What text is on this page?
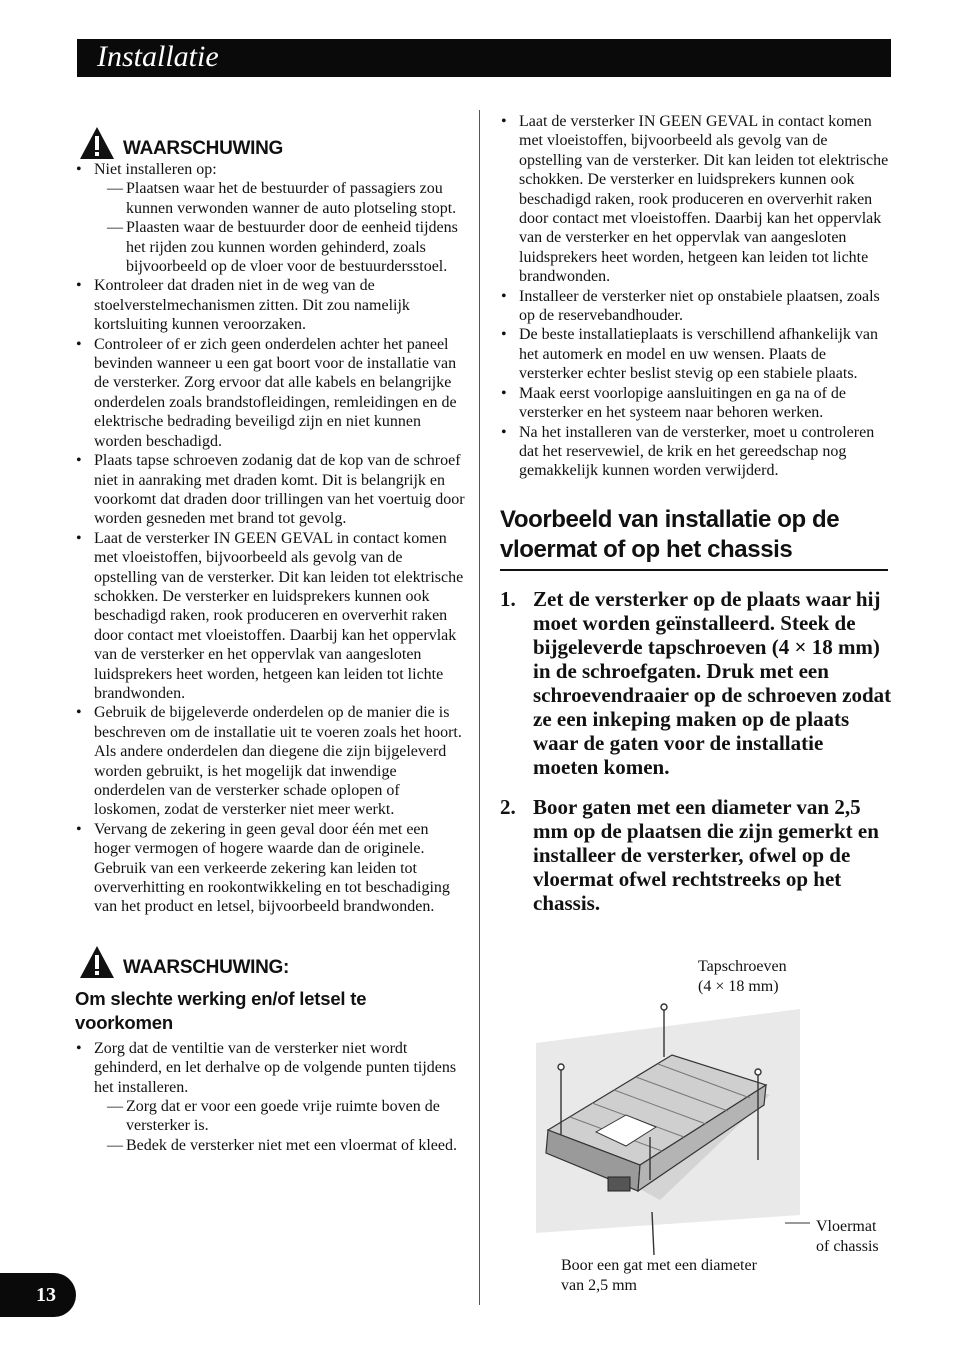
Installatie
WAARSCHUWING
• Niet installeren op:
— Plaatsen waar het de bestuurder of passagiers zou kunnen verwonden wanner de auto plotseling stopt.
— Plaasten waar de bestuurder door de eenheid tijdens het rijden zou kunnen worden gehinderd, zoals bijvoorbeeld op de vloer voor de bestuurdersstoel.
• Kontroleer dat draden niet in de weg van de stoelverstelmechanismen zitten. Dit zou namelijk kortsluiting kunnen veroorzaken.
• Controleer of er zich geen onderdelen achter het paneel bevinden wanneer u een gat boort voor de installatie van de versterker. Zorg ervoor dat alle kabels en belangrijke onderdelen zoals brandstofleidingen, remleidingen en de elektrische bedrading beveiligd zijn en niet kunnen worden beschadigd.
• Plaats tapse schroeven zodanig dat de kop van de schroef niet in aanraking met draden komt. Dit is belangrijk en voorkomt dat draden door trillingen van het voertuig door worden gesneden met brand tot gevolg.
• Laat de versterker IN GEEN GEVAL in contact komen met vloeistoffen, bijvoorbeeld als gevolg van de opstelling van de versterker. Dit kan leiden tot elektrische schokken. De versterker en luidsprekers kunnen ook beschadigd raken, rook produceren en oververhit raken door contact met vloeistoffen. Daarbij kan het oppervlak van de versterker en het oppervlak van aangesloten luidsprekers heet worden, hetgeen kan leiden tot lichte brandwonden.
• Gebruik de bijgeleverde onderdelen op de manier die is beschreven om de installatie uit te voeren zoals het hoort. Als andere onderdelen dan diegene die zijn bijgeleverd worden gebruikt, is het mogelijk dat inwendige onderdelen van de versterker schade oplopen of loskomen, zodat de versterker niet meer werkt.
• Vervang de zekering in geen geval door één met een hoger vermogen of hogere waarde dan de originele. Gebruik van een verkeerde zekering kan leiden tot oververhitting en rookontwikkeling en tot beschadiging van het product en letsel, bijvoorbeeld brandwonden.
WAARSCHUWING:
Om slechte werking en/of letsel te voorkomen
• Zorg dat de ventiltie van de versterker niet wordt gehinderd, en let derhalve op de volgende punten tijdens het installeren.
— Zorg dat er voor een goede vrije ruimte boven de versterker is.
— Bedek de versterker niet met een vloermat of kleed.
• Laat de versterker IN GEEN GEVAL in contact komen met vloeistoffen, bijvoorbeeld als gevolg van de opstelling van de versterker. Dit kan leiden tot elektrische schokken. De versterker en luidsprekers kunnen ook beschadigd raken, rook produceren en oververhit raken door contact met vloeistoffen. Daarbij kan het oppervlak van de versterker en het oppervlak van aangesloten luidsprekers heet worden, hetgeen kan leiden tot lichte brandwonden.
• Installeer de versterker niet op onstabiele plaatsen, zoals op de reservebandhouder.
• De beste installatieplaats is verschillend afhankelijk van het automerk en model en uw wensen. Plaats de versterker echter beslist stevig op een stabiele plaats.
• Maak eerst voorlopige aansluitingen en ga na of de versterker en het systeem naar behoren werken.
• Na het installeren van de versterker, moet u controleren dat het reservewiel, de krik en het gereedschap nog gemakkelijk kunnen worden verwijderd.
Voorbeeld van installatie op de vloermat of op het chassis
1. Zet de versterker op de plaats waar hij moet worden geïnstalleerd. Steek de bijgeleverde tapschroeven (4 × 18 mm) in de schroefgaten. Druk met een schroevendraaier op de schroeven zodat ze een inkeping maken op de plaats waar de gaten voor de installatie moeten komen.
2. Boor gaten met een diameter van 2,5 mm op de plaatsen die zijn gemerkt en installeer de versterker, ofwel op de vloermat ofwel rechtstreeks op het chassis.
Tapschroeven
(4 × 18 mm)
Vloermat
of chassis
Boor een gat met een diameter
van 2,5 mm
13
